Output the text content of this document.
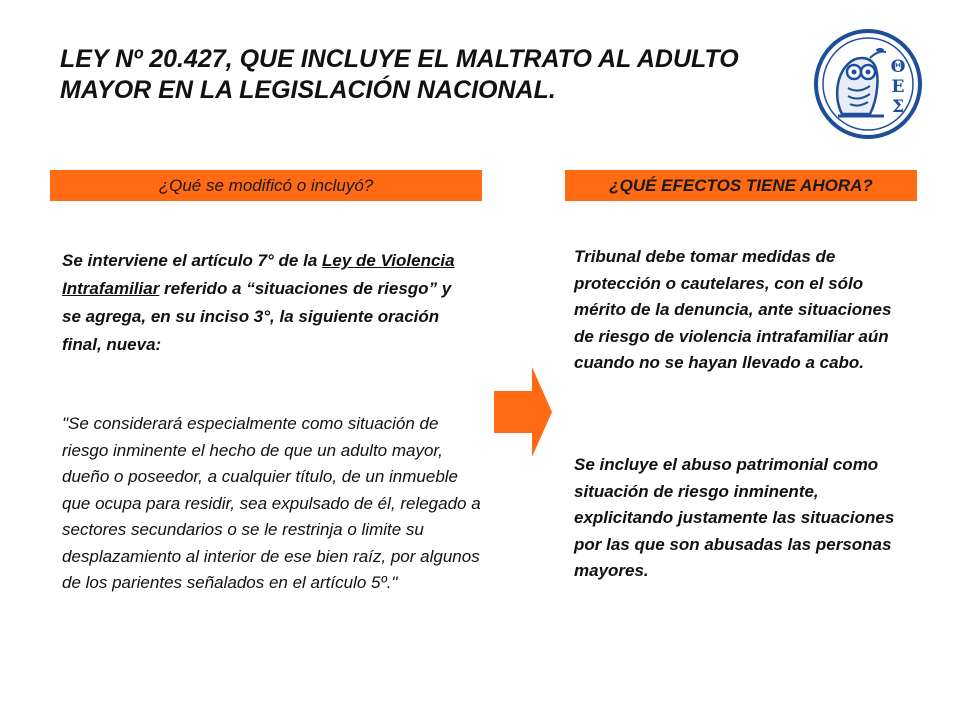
LEY Nº 20.427, QUE INCLUYE EL MALTRATO AL ADULTO MAYOR EN LA LEGISLACIÓN NACIONAL.
Θ
Ε
Σ
¿Qué se modificó o incluyó?	¿QUÉ EFECTOS TIENE AHORA?

Se interviene el artículo 7° de la Ley de Violencia Intrafamiliar referido a “situaciones de riesgo” y se agrega, en su inciso 3°, la siguiente oración final, nueva:

"Se considerará especialmente como situación de riesgo inminente el hecho de que un adulto mayor, dueño o poseedor, a cualquier título, de un inmueble que ocupa para residir, sea expulsado de él, relegado a sectores secundarios o se le restrinja o limite su desplazamiento al interior de ese bien raíz, por algunos de los parientes señalados en el artículo 5º."

Tribunal debe tomar medidas de protección o cautelares, con el sólo mérito de la denuncia, ante situaciones de riesgo de violencia intrafamiliar aún cuando no se hayan llevado a cabo.

Se incluye el abuso patrimonial como situación de riesgo inminente, explicitando justamente las situaciones por las que son abusadas las personas mayores.
